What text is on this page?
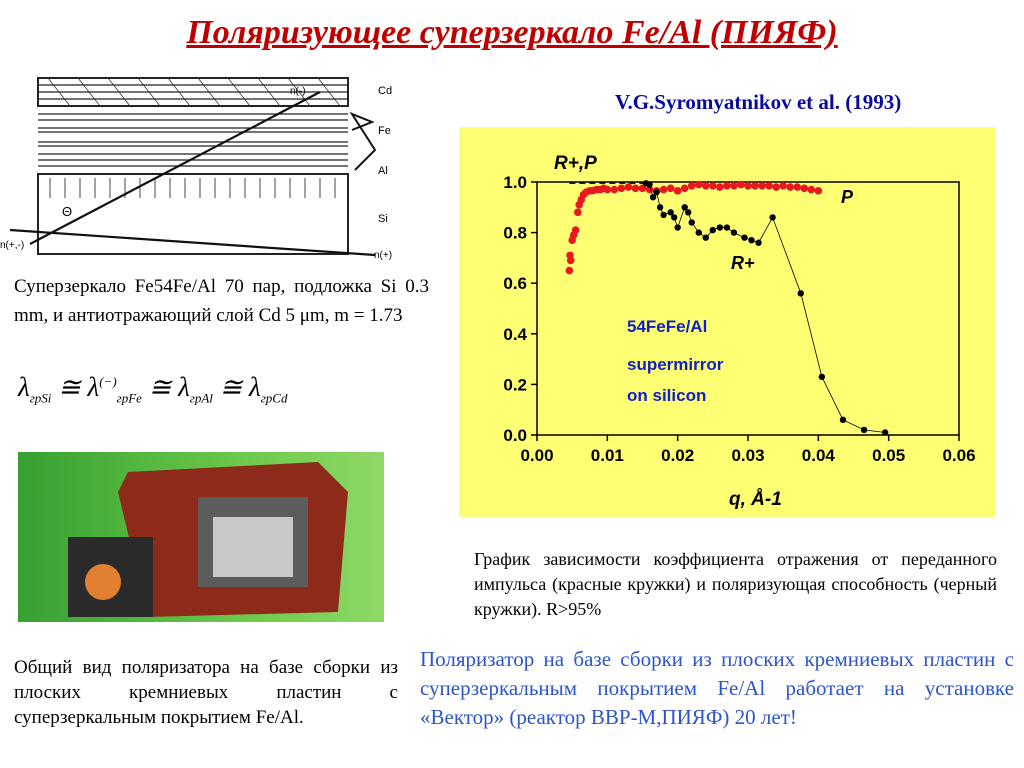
Поляризующее суперзеркало Fe/Al (ПИЯФ)
V.G.Syromyatnikov et al. (1993)
Cd
Fe
Al
Si
Θ
n(-)
n(+,-)
n(+)
Суперзеркало Fe54Fe/Al 70 пар, подложка Si 0.3 mm, и антиотражающий слой Cd 5 μm, m = 1.73
$\lambda_{грSi}$ ≅ $\lambda^{(-)}_{грFe}$ ≅ $\lambda_{грAl}$ ≅ $\lambda_{грCd}$
Общий вид поляризатора на базе сборки из плоских кремниевых пластин с суперзеркальным покрытием Fe/Al.
0.00 0.01 0.02 0.03 0.04 0.05 0.06
0.0
0.2
0.4
0.6
0.8
1.0
R+,P
q, Å-1
P
R+
54FeFe/Al
supermirror
on silicon
График зависимости коэффициента отражения от переданного импульса (красные кружки) и поляризующая способность (черный кружки). R>95%
Поляризатор на базе сборки из плоских кремниевых пластин с суперзеркальным покрытием Fe/Al работает на установке «Вектор» (реактор ВВР-М,ПИЯФ) 20 лет!
